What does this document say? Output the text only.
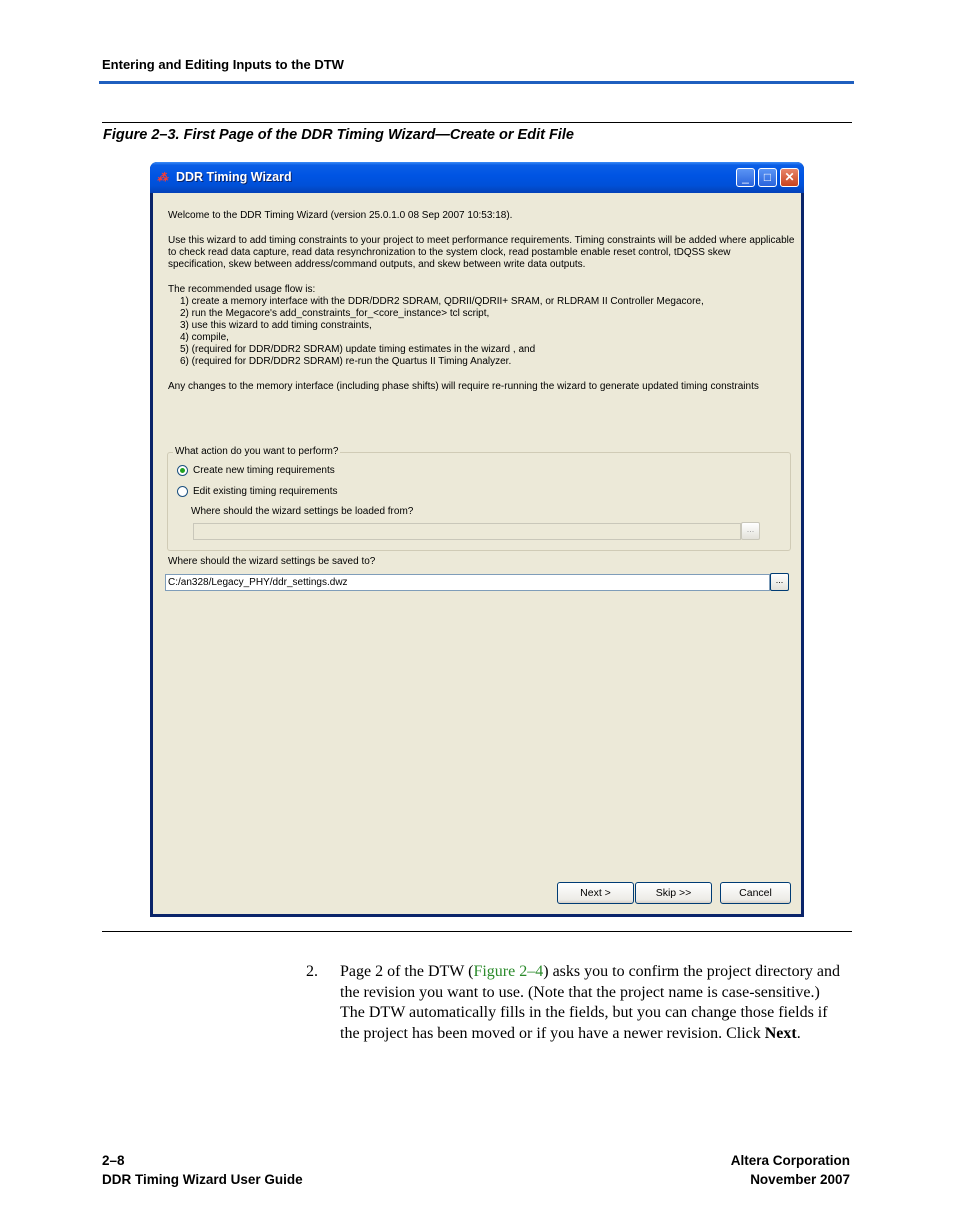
Entering and Editing Inputs to the DTW
Figure 2–3. First Page of the DDR Timing Wizard—Create or Edit File
⁂ DDR Timing Wizard	_	□	✕
Welcome to the DDR Timing Wizard (version 25.0.1.0 08 Sep 2007 10:53:18).
Use this wizard to add timing constraints to your project to meet performance requirements. Timing constraints will be added where applicable
to check read data capture, read data resynchronization to the system clock, read postamble enable reset control, tDQSS skew
specification, skew between address/command outputs, and skew between write data outputs.
The recommended usage flow is:
1) create a memory interface with the DDR/DDR2 SDRAM, QDRII/QDRII+ SRAM, or RLDRAM II Controller Megacore,
2) run the Megacore's add_constraints_for_<core_instance> tcl script,
3) use this wizard to add timing constraints,
4) compile,
5) (required for DDR/DDR2 SDRAM) update timing estimates in the wizard , and
6) (required for DDR/DDR2 SDRAM) re-run the Quartus II Timing Analyzer.
Any changes to the memory interface (including phase shifts) will require re-running the wizard to generate updated timing constraints
What action do you want to perform?
Create new timing requirements
Edit existing timing requirements
Where should the wizard settings be loaded from?
...
Where should the wizard settings be saved to?
C:/an328/Legacy_PHY/ddr_settings.dwz	...
Next >	Skip >>	Cancel
2. Page 2 of the DTW (Figure 2–4) asks you to confirm the project directory and the revision you want to use. (Note that the project name is case-sensitive.) The DTW automatically fills in the fields, but you can change those fields if the project has been moved or if you have a newer revision. Click Next.
2–8
DDR Timing Wizard User Guide
Altera Corporation
November 2007
